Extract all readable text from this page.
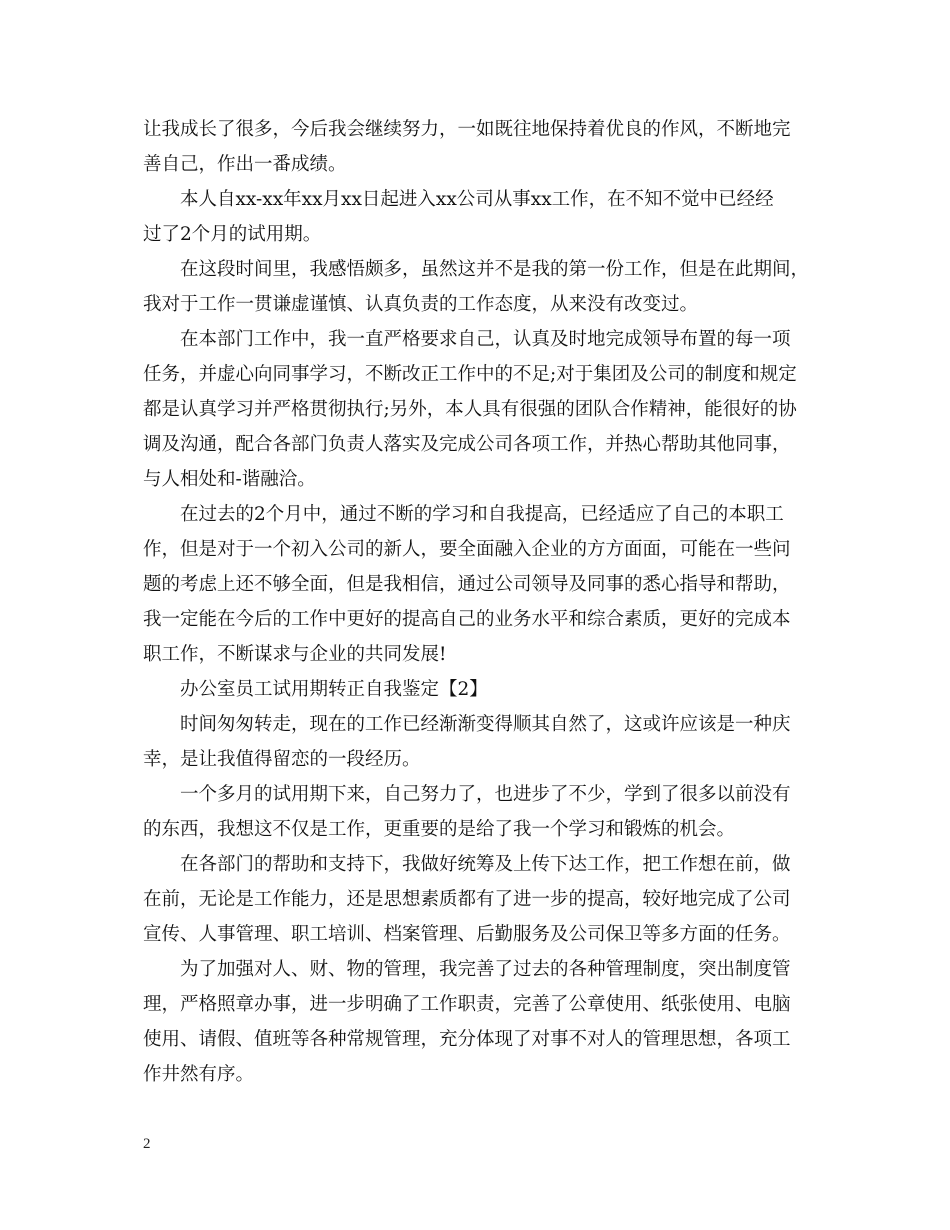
让我成长了很多，今后我会继续努力，一如既往地保持着优良的作风，不断地完
善自己，作出一番成绩。
本人自xx-xx年xx月xx日起进入xx公司从事xx工作，在不知不觉中已经经
过了2个月的试用期。
在这段时间里，我感悟颇多，虽然这并不是我的第一份工作，但是在此期间，
我对于工作一贯谦虚谨慎、认真负责的工作态度，从来没有改变过。
在本部门工作中，我一直严格要求自己，认真及时地完成领导布置的每一项
任务，并虚心向同事学习，不断改正工作中的不足;对于集团及公司的制度和规定
都是认真学习并严格贯彻执行;另外，本人具有很强的团队合作精神，能很好的协
调及沟通，配合各部门负责人落实及完成公司各项工作，并热心帮助其他同事，
与人相处和-谐融洽。
在过去的2个月中，通过不断的学习和自我提高，已经适应了自己的本职工
作，但是对于一个初入公司的新人，要全面融入企业的方方面面，可能在一些问
题的考虑上还不够全面，但是我相信，通过公司领导及同事的悉心指导和帮助，
我一定能在今后的工作中更好的提高自己的业务水平和综合素质，更好的完成本
职工作，不断谋求与企业的共同发展!
办公室员工试用期转正自我鉴定【2】
时间匆匆转走，现在的工作已经渐渐变得顺其自然了，这或许应该是一种庆
幸，是让我值得留恋的一段经历。
一个多月的试用期下来，自己努力了，也进步了不少，学到了很多以前没有
的东西，我想这不仅是工作，更重要的是给了我一个学习和锻炼的机会。
在各部门的帮助和支持下，我做好统筹及上传下达工作，把工作想在前，做
在前，无论是工作能力，还是思想素质都有了进一步的提高，较好地完成了公司
宣传、人事管理、职工培训、档案管理、后勤服务及公司保卫等多方面的任务。
为了加强对人、财、物的管理，我完善了过去的各种管理制度，突出制度管
理，严格照章办事，进一步明确了工作职责，完善了公章使用、纸张使用、电脑
使用、请假、值班等各种常规管理，充分体现了对事不对人的管理思想，各项工
作井然有序。
2
